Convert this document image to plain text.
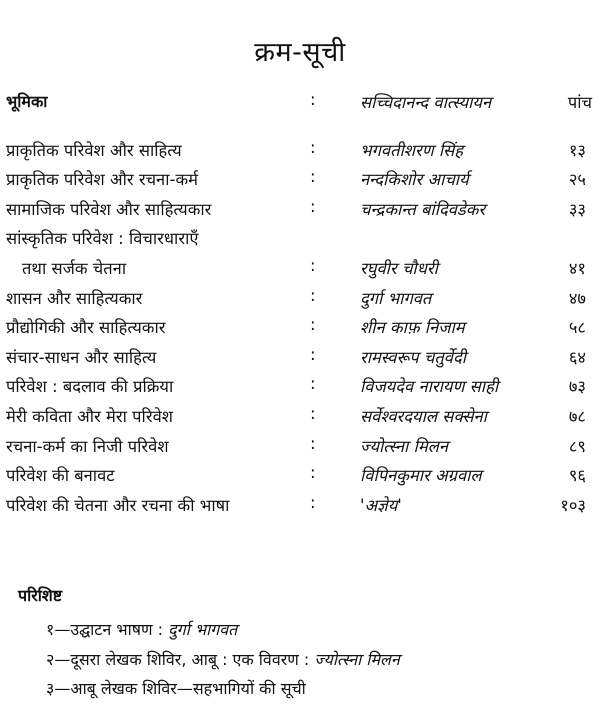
क्रम-सूची
भूमिका	:	सच्चिदानन्द वात्स्यायन	पांच
प्राकृतिक परिवेश और साहित्य	:	भगवतीशरण सिंह	१३
प्राकृतिक परिवेश और रचना-कर्म	:	नन्दकिशोर आचार्य	२५
सामाजिक परिवेश और साहित्यकार	:	चन्द्रकान्त बांदिवडेकर	३३
सांस्कृतिक परिवेश : विचारधाराएँ
तथा सर्जक चेतना	:	रघुवीर चौधरी	४१
शासन और साहित्यकार	:	दुर्गा भागवत	४७
प्रौद्योगिकी और साहित्यकार	:	शीन काफ़ निजाम	५८
संचार-साधन और साहित्य	:	रामस्वरूप चतुर्वेदी	६४
परिवेश : बदलाव की प्रक्रिया	:	विजयदेव नारायण साही	७३
मेरी कविता और मेरा परिवेश	:	सर्वेश्वरदयाल सक्सेना	७८
रचना-कर्म का निजी परिवेश	:	ज्योत्स्ना मिलन	८९
परिवेश की बनावट	:	विपिनकुमार अग्रवाल	९६
परिवेश की चेतना और रचना की भाषा	:	'अज्ञेय'	१०३
परिशिष्ट
१—उद्घाटन भाषण : दुर्गा भागवत
२—दूसरा लेखक शिविर, आबू : एक विवरण : ज्योत्स्ना मिलन
३—आबू लेखक शिविर—सहभागियों की सूची
